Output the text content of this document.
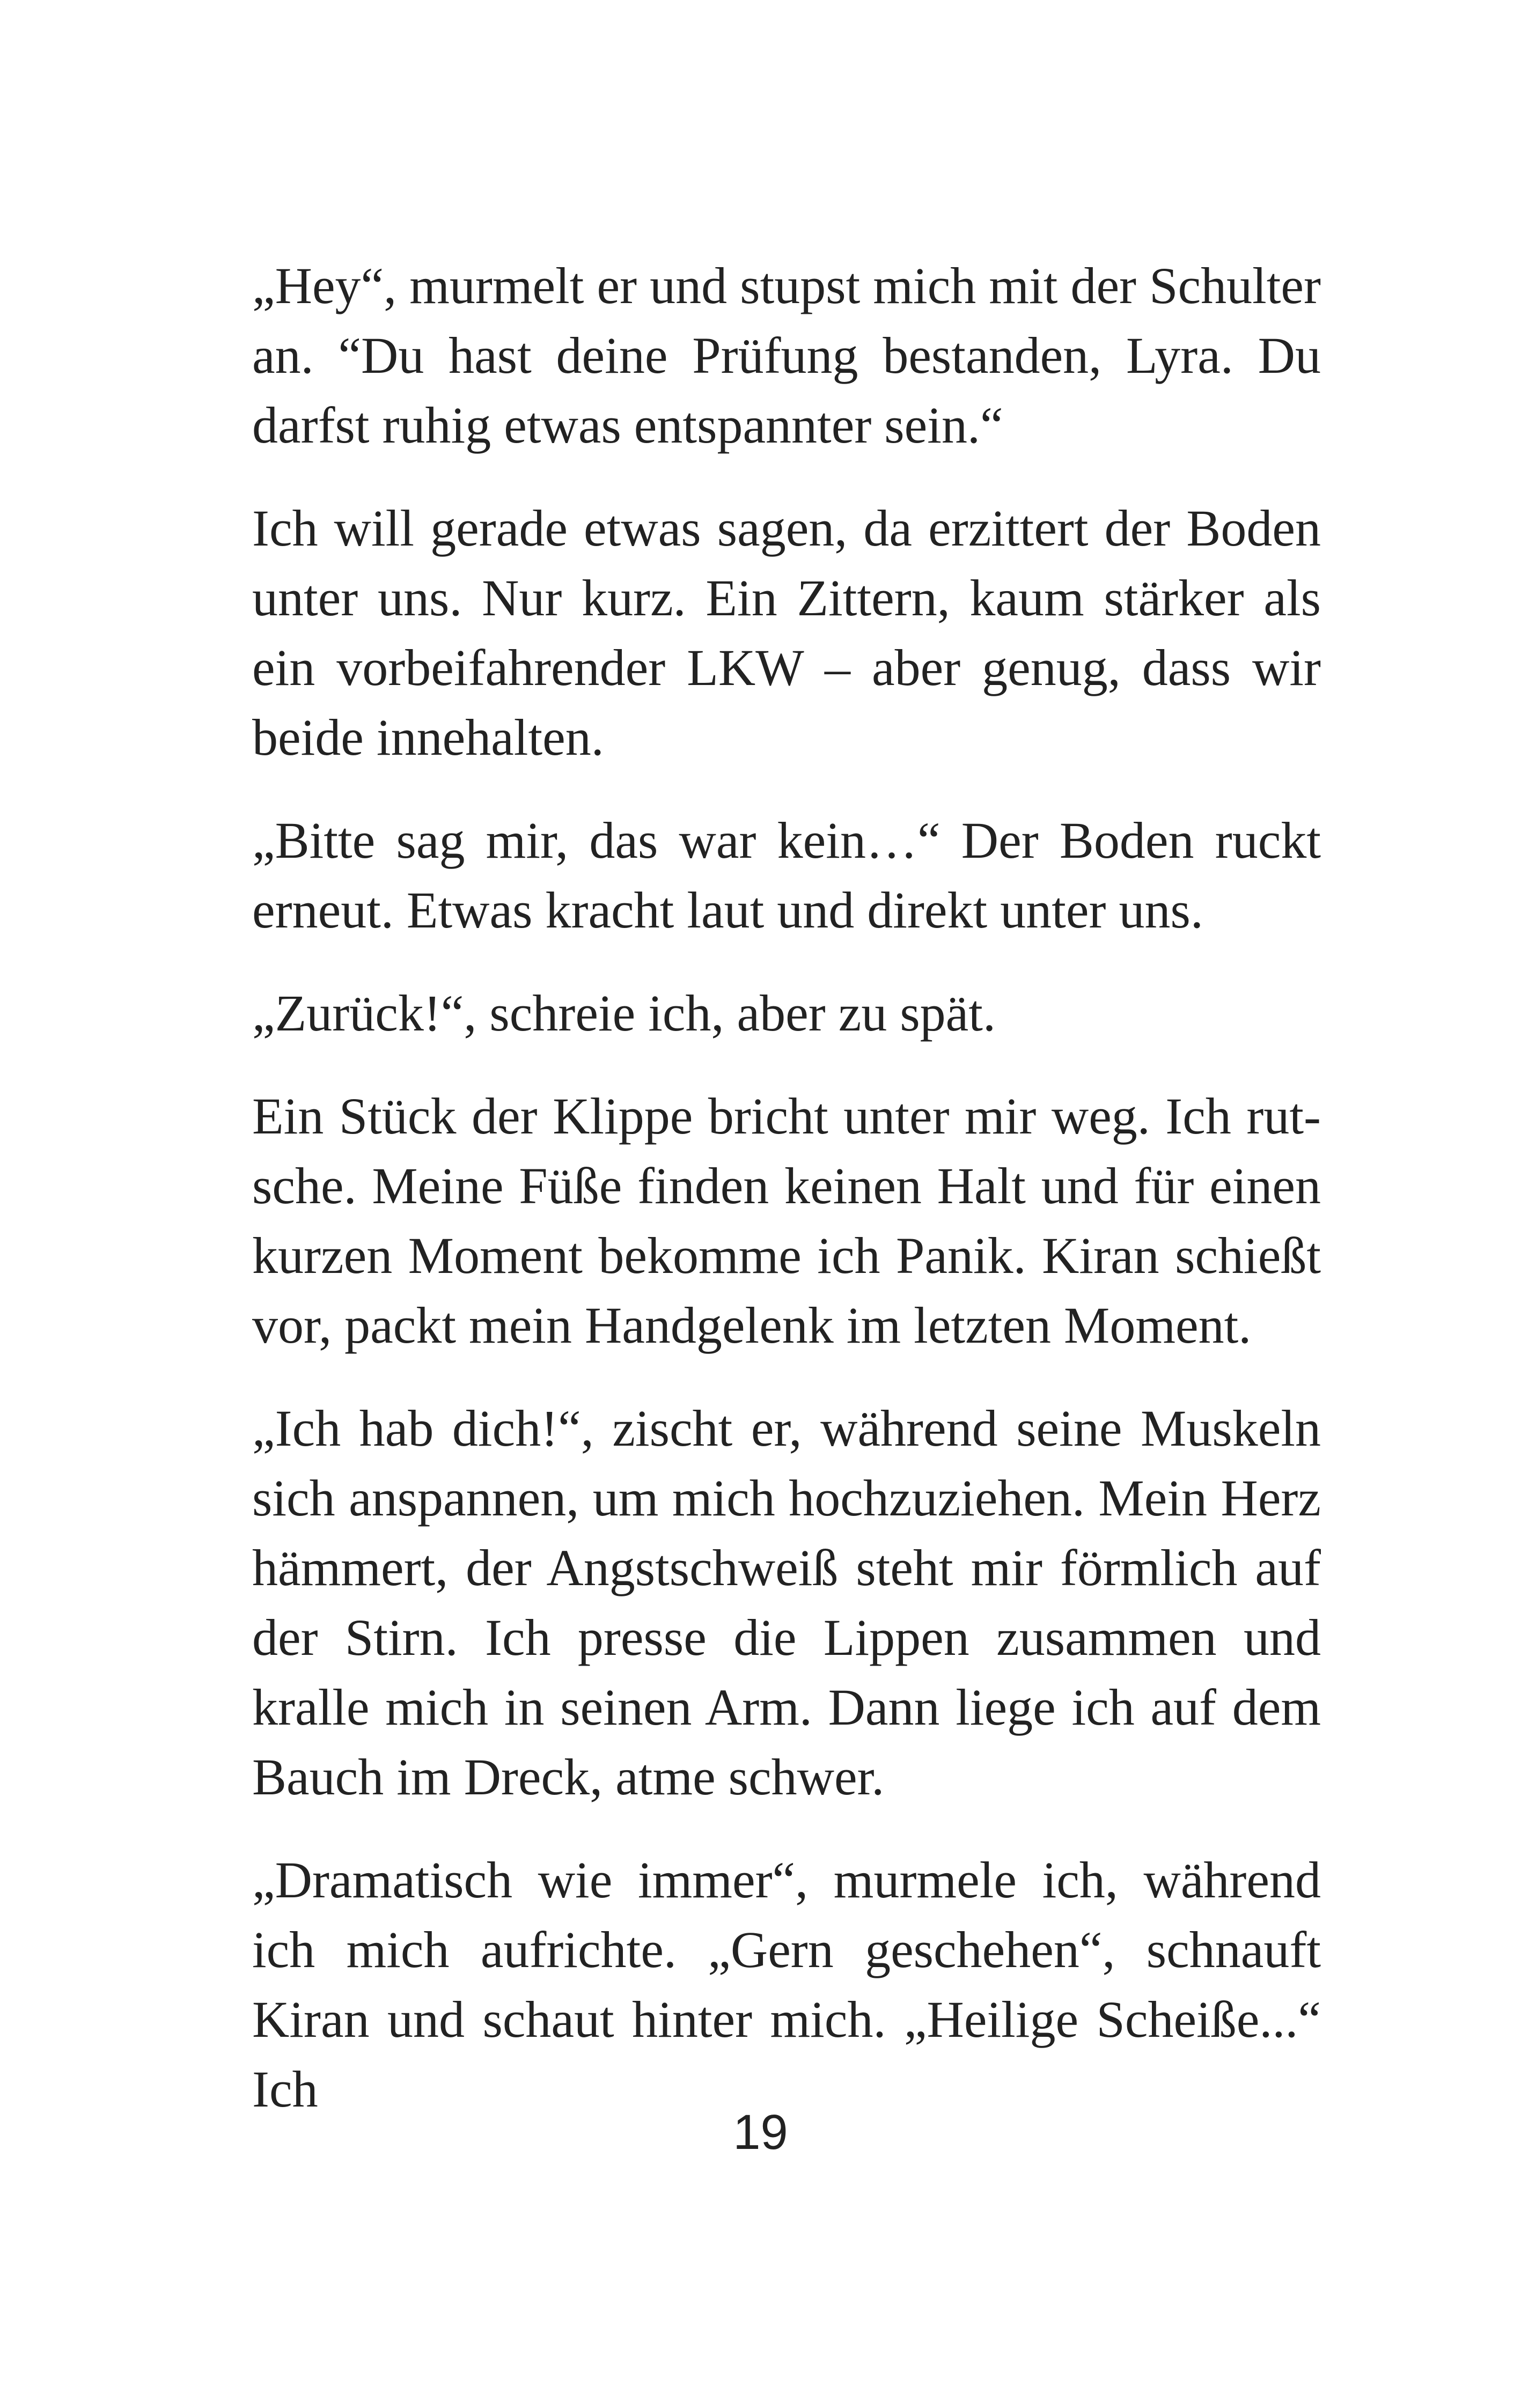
„Hey“, murmelt er und stupst mich mit der Schulter an. “Du hast deine Prüfung bestanden, Lyra. Du darfst ruhig etwas entspannter sein.“

Ich will gerade etwas sagen, da erzittert der Boden unter uns. Nur kurz. Ein Zittern, kaum stärker als ein vorbeifahrender LKW – aber genug, dass wir beide innehalten.

„Bitte sag mir, das war kein…“ Der Boden ruckt erneut. Etwas kracht laut und direkt unter uns.

„Zurück!“, schreie ich, aber zu spät.

Ein Stück der Klippe bricht unter mir weg. Ich rutsche. Meine Füße finden keinen Halt und für einen kurzen Moment bekomme ich Panik. Kiran schießt vor, packt mein Handgelenk im letzten Moment.

„Ich hab dich!“, zischt er, während seine Muskeln sich anspannen, um mich hochzuziehen. Mein Herz hämmert, der Angstschweiß steht mir förmlich auf der Stirn. Ich presse die Lippen zusammen und kralle mich in seinen Arm. Dann liege ich auf dem Bauch im Dreck, atme schwer.

„Dramatisch wie immer“, murmele ich, während ich mich aufrichte. „Gern geschehen“, schnauft Kiran und schaut hinter mich. „Heilige Scheiße...“ Ich

19
